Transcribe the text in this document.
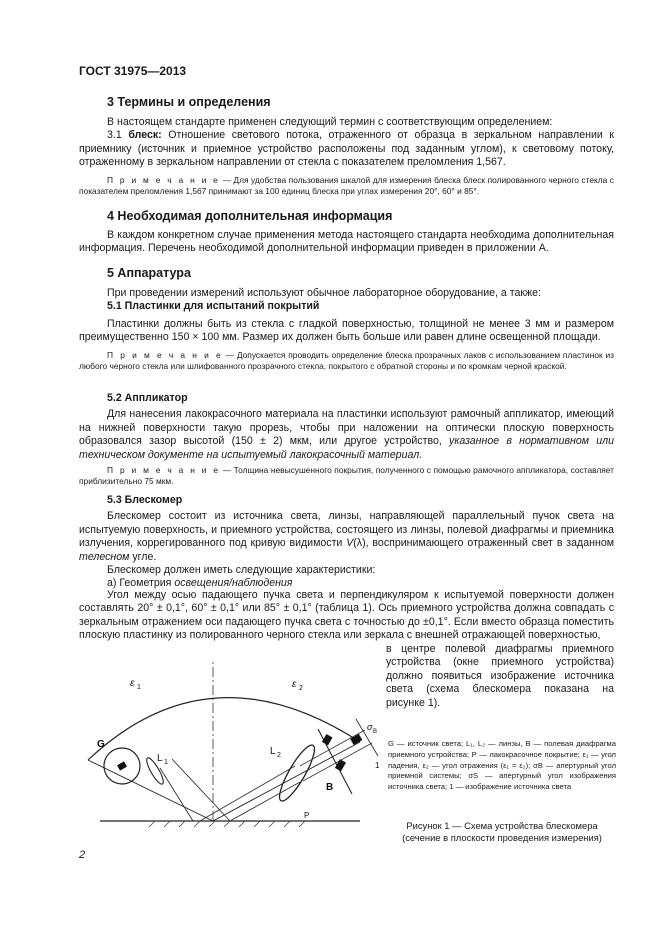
ГОСТ 31975—2013
3 Термины и определения

В настоящем стандарте применен следующий термин с соответствующим определением:

3.1 блеск: Отношение светового потока, отраженного от образца в зеркальном направлении к приемнику (источник и приемное устройство расположены под заданным углом), к световому потоку, отраженному в зеркальном направлении от стекла с показателем преломления 1,567.

П р и м е ч а н и е — Для удобства пользования шкалой для измерения блеска блеск полированного черного стекла с показателем преломления 1,567 принимают за 100 единиц блеска при углах измерения 20°, 60° и 85°.

4 Необходимая дополнительная информация

В каждом конкретном случае применения метода настоящего стандарта необходима дополнительная информация. Перечень необходимой дополнительной информации приведен в приложении А.

5 Аппаратура

При проведении измерений используют обычное лабораторное оборудование, а также:

5.1 Пластинки для испытаний покрытий

Пластинки должны быть из стекла с гладкой поверхностью, толщиной не менее 3 мм и размером преимущественно 150 × 100 мм. Размер их должен быть больше или равен длине освещенной площади.

П р и м е ч а н и е — Допускается проводить определение блеска прозрачных лаков с использованием пластинок из любого черного стекла или шлифованного прозрачного стекла, покрытого с обратной стороны и по кромкам черной краской.

5.2 Аппликатор

Для нанесения лакокрасочного материала на пластинки используют рамочный аппликатор, имеющий на нижней поверхности такую прорезь, чтобы при наложении на оптически плоскую поверхность образовался зазор высотой (150 ± 2) мкм, или другое устройство, указанное в нормативном или техническом документе на испытуемый лакокрасочный материал.

П р и м е ч а н и е — Толщина невысушенного покрытия, полученного с помощью рамочного аппликатора, составляет приблизительно 75 мкм.

5.3 Блескомер

Блескомер состоит из источника света, линзы, направляющей параллельный пучок света на испытуемую поверхность, и приемного устройства, состоящего из линзы, полевой диафрагмы и приемника излучения, коррегированного под кривую видимости V(λ), воспринимающего отраженный свет в заданном телесном угле.

Блескомер должен иметь следующие характеристики:

а) Геометрия освещения/наблюдения

Угол между осью падающего пучка света и перпендикуляром к испытуемой поверхности должен составлять 20° ± 0,1°, 60° ± 0,1° или 85° ± 0,1° (таблица 1). Ось приемного устройства должна совпадать с зеркальным отражением оси падающего пучка света с точностью до ±0,1°. Если вместо образца поместить плоскую пластинку из полированного черного стекла или зеркала с внешней отражающей поверхностью,

в центре полевой диафрагмы приемного устройства (окне приемного устройства) должно появиться изображение источника света (схема блескомера показана на рисунке 1).

G
L 1
L 2
B
P
ε 1	ε 2
σ B
1
G — источник света; L₁, L₂ — линзы, В — полевая диафрагма приемного устройства; Р — лакокрасочное покрытие; ε₁ — угол падения, ε₂ — угол отражения (ε₁ = ε₂); σB — апертурный угол приемной системы; σS — апертурный угол изображения источника света; 1 — изображение источника света
Рисунок 1 — Схема устройства блескомера
(сечение в плоскости проведения измерения)
2
